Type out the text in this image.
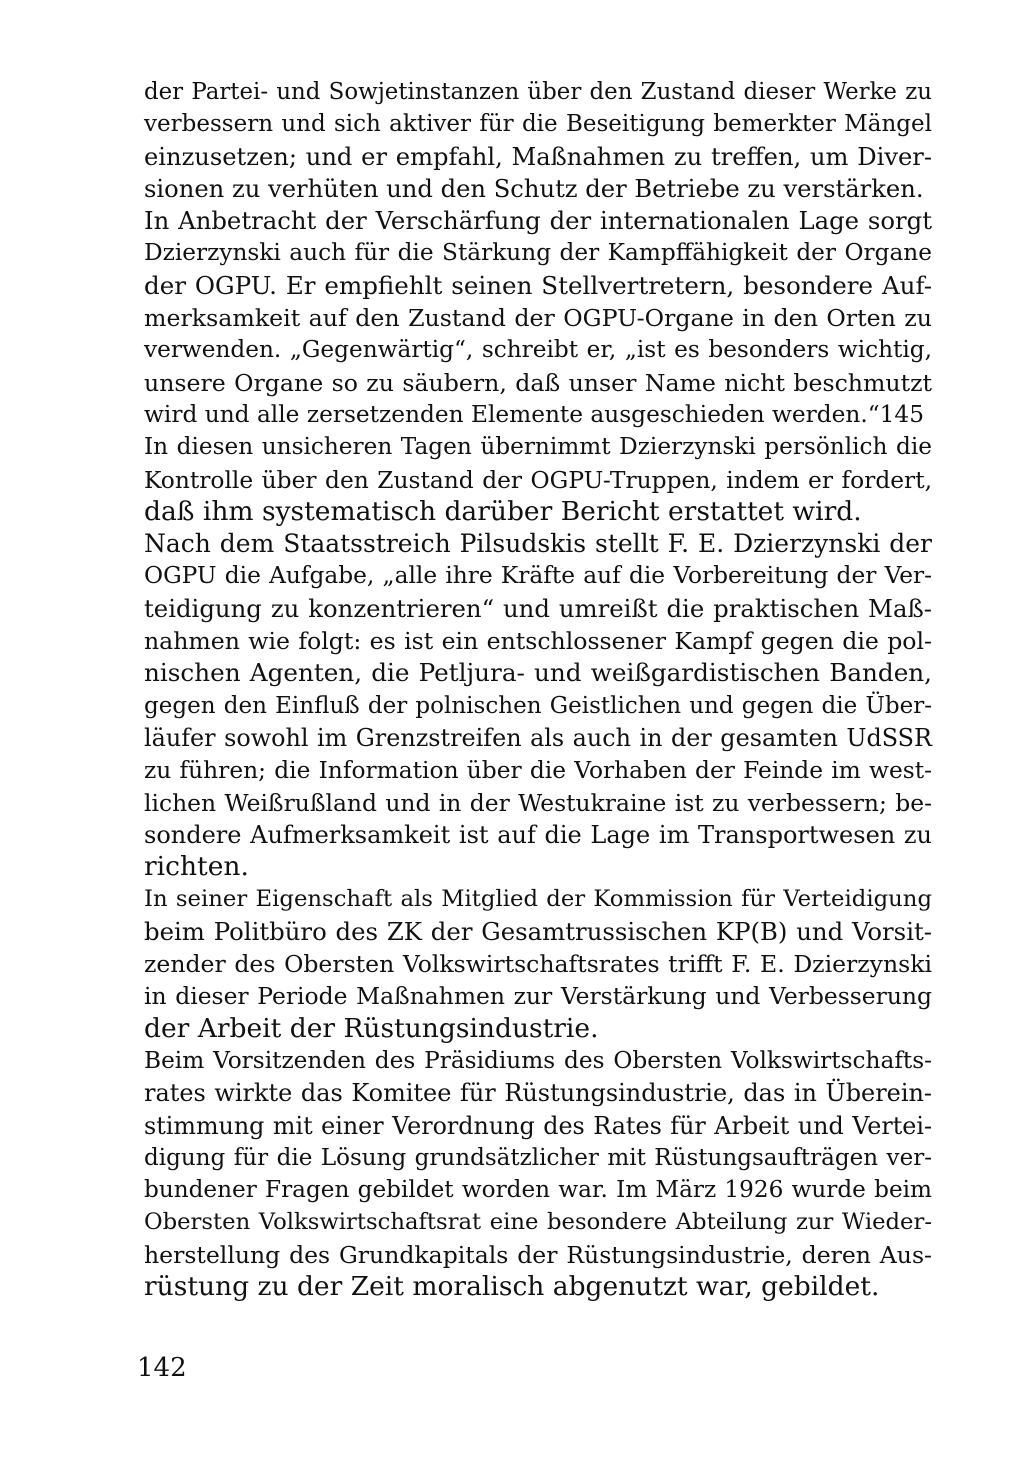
der Partei- und Sowjetinstanzen über den Zustand dieser Werke zu
verbessern und sich aktiver für die Beseitigung bemerkter Mängel
einzusetzen; und er empfahl, Maßnahmen zu treffen, um Diver-
sionen zu verhüten und den Schutz der Betriebe zu verstärken.
In Anbetracht der Verschärfung der internationalen Lage sorgt
Dzierzynski auch für die Stärkung der Kampffähigkeit der Organe
der OGPU. Er empfiehlt seinen Stellvertretern, besondere Auf-
merksamkeit auf den Zustand der OGPU-Organe in den Orten zu
verwenden. „Gegenwärtig“, schreibt er, „ist es besonders wichtig,
unsere Organe so zu säubern, daß unser Name nicht beschmutzt
wird und alle zersetzenden Elemente ausgeschieden werden.“145
In diesen unsicheren Tagen übernimmt Dzierzynski persönlich die
Kontrolle über den Zustand der OGPU-Truppen, indem er fordert,
daß ihm systematisch darüber Bericht erstattet wird.
Nach dem Staatsstreich Pilsudskis stellt F. E. Dzierzynski der
OGPU die Aufgabe, „alle ihre Kräfte auf die Vorbereitung der Ver-
teidigung zu konzentrieren“ und umreißt die praktischen Maß-
nahmen wie folgt: es ist ein entschlossener Kampf gegen die pol-
nischen Agenten, die Petljura- und weißgardistischen Banden,
gegen den Einfluß der polnischen Geistlichen und gegen die Über-
läufer sowohl im Grenzstreifen als auch in der gesamten UdSSR
zu führen; die Information über die Vorhaben der Feinde im west-
lichen Weißrußland und in der Westukraine ist zu verbessern; be-
sondere Aufmerksamkeit ist auf die Lage im Transportwesen zu
richten.
In seiner Eigenschaft als Mitglied der Kommission für Verteidigung
beim Politbüro des ZK der Gesamtrussischen KP(B) und Vorsit-
zender des Obersten Volkswirtschaftsrates trifft F. E. Dzierzynski
in dieser Periode Maßnahmen zur Verstärkung und Verbesserung
der Arbeit der Rüstungsindustrie.
Beim Vorsitzenden des Präsidiums des Obersten Volkswirtschafts-
rates wirkte das Komitee für Rüstungsindustrie, das in Überein-
stimmung mit einer Verordnung des Rates für Arbeit und Vertei-
digung für die Lösung grundsätzlicher mit Rüstungsaufträgen ver-
bundener Fragen gebildet worden war. Im März 1926 wurde beim
Obersten Volkswirtschaftsrat eine besondere Abteilung zur Wieder-
herstellung des Grundkapitals der Rüstungsindustrie, deren Aus-
rüstung zu der Zeit moralisch abgenutzt war, gebildet.
142
